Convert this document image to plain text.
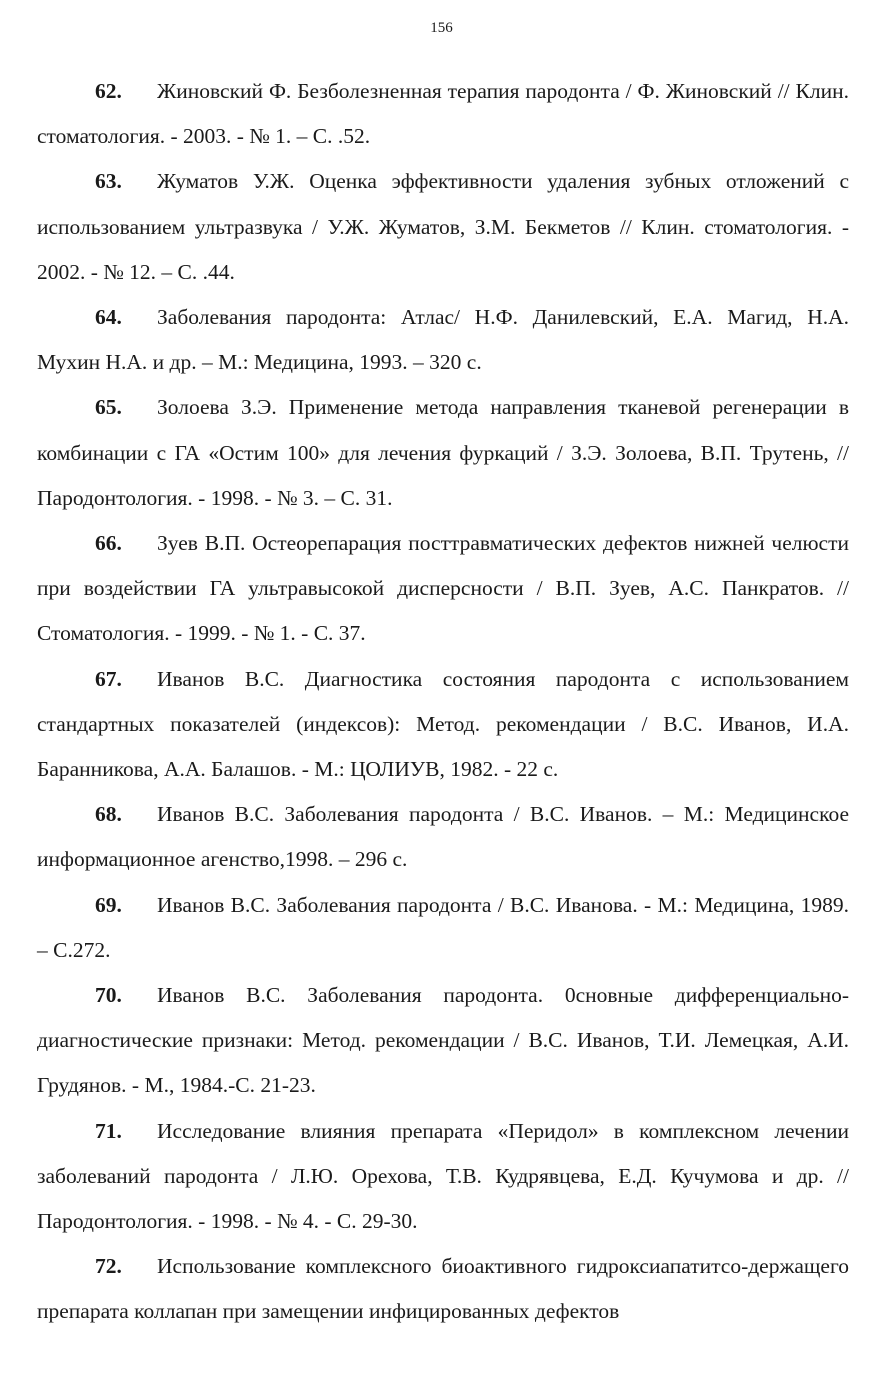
156

62. Жиновский Ф. Безболезненная терапия пародонта / Ф. Жиновский // Клин. стоматология. - 2003. - № 1. – С. .52.

63. Жуматов У.Ж. Оценка эффективности удаления зубных отложений с использованием ультразвука / У.Ж. Жуматов, З.М. Бекметов // Клин. стоматология. - 2002. - № 12. – С. .44.

64. Заболевания пародонта: Атлас/ Н.Ф. Данилевский, Е.А. Магид, Н.А. Мухин Н.А. и др. – М.: Медицина, 1993. – 320 с.

65. Золоева З.Э. Применение метода направления тканевой регенерации в комбинации с ГА «Остим 100» для лечения фуркаций / З.Э. Золоева, В.П. Трутень, // Пародонтология. - 1998. - № 3. – С. 31.

66. Зуев В.П. Остеорепарация посттравматических дефектов нижней челюсти при воздействии ГА ультравысокой дисперсности / В.П. Зуев, А.С. Панкратов. // Стоматология. - 1999. - № 1. - С. 37.

67. Иванов В.С. Диагностика состояния пародонта с использованием стандартных показателей (индексов): Метод. рекомендации / В.С. Иванов, И.А. Баранникова, А.А. Балашов. - М.: ЦОЛИУВ, 1982. - 22 с.

68. Иванов В.С. Заболевания пародонта / В.С. Иванов. – М.: Медицинское информационное агенство,1998. – 296 с.

69. Иванов В.С. Заболевания пародонта / В.С. Иванова. - М.: Медицина, 1989. – С.272.

70. Иванов В.С. Заболевания пародонта. 0сновные дифференциально-диагностические признаки: Метод. рекомендации / В.С. Иванов, Т.И. Лемецкая, А.И. Грудянов. - М., 1984.-С. 21-23.

71. Исследование влияния препарата «Перидол» в комплексном лечении заболеваний пародонта / Л.Ю. Орехова, Т.В. Кудрявцева, Е.Д. Кучумова и др. // Пародонтология. - 1998. - № 4. - С. 29-30.

72. Использование комплексного биоактивного гидроксиапатитсо-держащего препарата коллапан при замещении инфицированных дефектов
